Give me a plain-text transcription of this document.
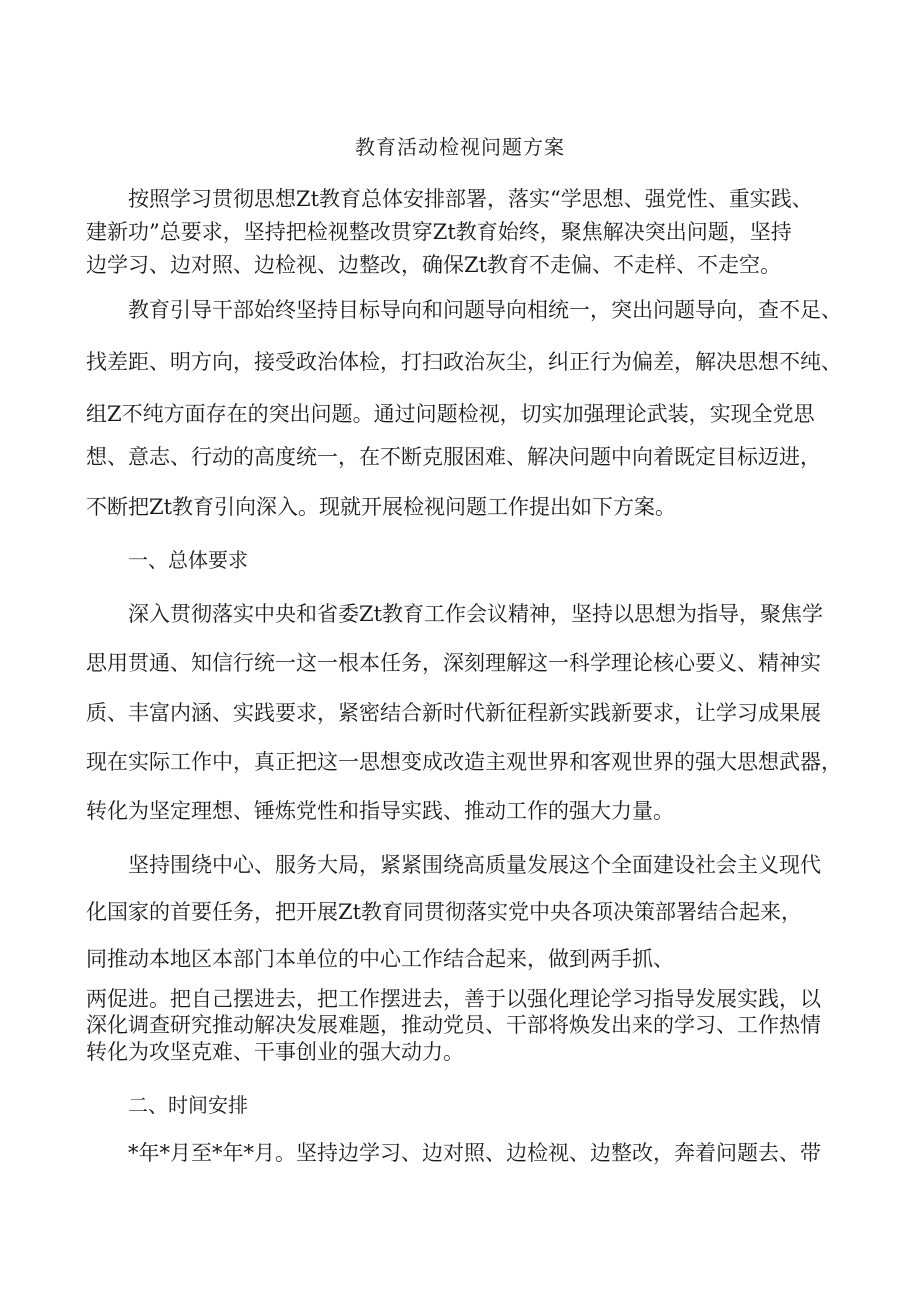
教育活动检视问题方案
按照学习贯彻思想Zt教育总体安排部署，落实“学思想、强党性、重实践、
建新功”总要求，坚持把检视整改贯穿Zt教育始终，聚焦解决突出问题，坚持
边学习、边对照、边检视、边整改，确保Zt教育不走偏、不走样、不走空。
教育引导干部始终坚持目标导向和问题导向相统一，突出问题导向，查不足、
找差距、明方向，接受政治体检，打扫政治灰尘，纠正行为偏差，解决思想不纯、
组Z不纯方面存在的突出问题。通过问题检视，切实加强理论武装，实现全党思
想、意志、行动的高度统一，在不断克服困难、解决问题中向着既定目标迈进，
不断把Zt教育引向深入。现就开展检视问题工作提出如下方案。
一、总体要求
深入贯彻落实中央和省委Zt教育工作会议精神，坚持以思想为指导，聚焦学
思用贯通、知信行统一这一根本任务，深刻理解这一科学理论核心要义、精神实
质、丰富内涵、实践要求，紧密结合新时代新征程新实践新要求，让学习成果展
现在实际工作中，真正把这一思想变成改造主观世界和客观世界的强大思想武器，
转化为坚定理想、锤炼党性和指导实践、推动工作的强大力量。
坚持围绕中心、服务大局，紧紧围绕高质量发展这个全面建设社会主义现代
化国家的首要任务，把开展Zt教育同贯彻落实党中央各项决策部署结合起来，
同推动本地区本部门本单位的中心工作结合起来，做到两手抓、
两促进。把自己摆进去，把工作摆进去，善于以强化理论学习指导发展实践，以
深化调查研究推动解决发展难题，推动党员、干部将焕发出来的学习、工作热情
转化为攻坚克难、干事创业的强大动力。
二、时间安排
*年*月至*年*月。坚持边学习、边对照、边检视、边整改，奔着问题去、带
